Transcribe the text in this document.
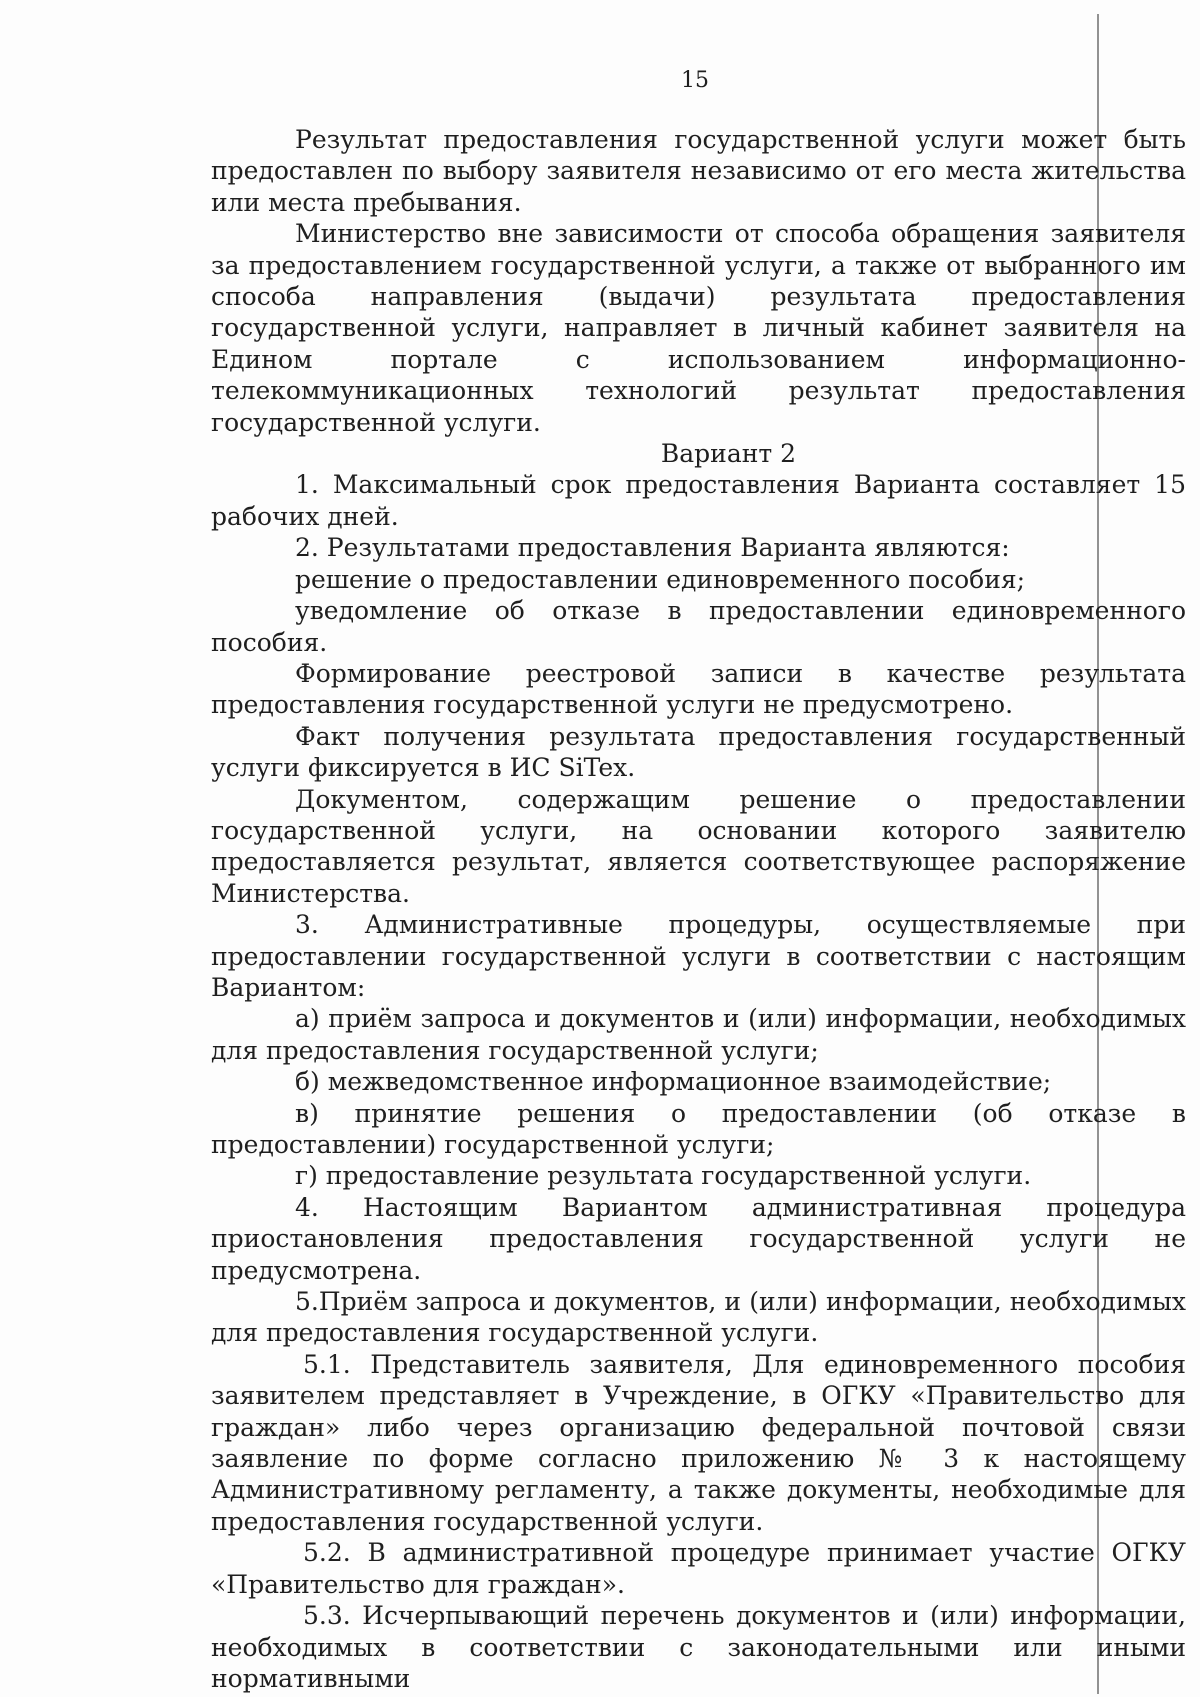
15

Результат предоставления государственной услуги может быть предоставлен по выбору заявителя независимо от его места жительства или места пребывания.

Министерство вне зависимости от способа обращения заявителя за предоставлением государственной услуги, а также от выбранного им способа направления (выдачи) результата предоставления государственной услуги, направляет в личный кабинет заявителя на Едином портале с использованием информационно-телекоммуникационных технологий результат предоставления государственной услуги.

Вариант 2

1. Максимальный срок предоставления Варианта составляет 15 рабочих дней.

2. Результатами предоставления Варианта являются:

решение о предоставлении единовременного пособия;

уведомление об отказе в предоставлении единовременного пособия.

Формирование реестровой записи в качестве результата предоставления государственной услуги не предусмотрено.

Факт получения результата предоставления государственный услуги фиксируется в ИС SiTex.

Документом, содержащим решение о предоставлении государственной услуги, на основании которого заявителю предоставляется результат, является соответствующее распоряжение Министерства.

3. Административные процедуры, осуществляемые при предоставлении государственной услуги в соответствии с настоящим Вариантом:

а) приём запроса и документов и (или) информации, необходимых для предоставления государственной услуги;

б) межведомственное информационное взаимодействие;

в) принятие решения о предоставлении (об отказе в предоставлении) государственной услуги;

г) предоставление результата государственной услуги.

4. Настоящим Вариантом административная процедура приостановления предоставления государственной услуги не предусмотрена.

5.Приём запроса и документов, и (или) информации, необходимых для предоставления государственной услуги.

5.1. Представитель заявителя, Для единовременного пособия заявителем представляет в Учреждение, в ОГКУ «Правительство для граждан» либо через организацию федеральной почтовой связи заявление по форме согласно приложению № 3 к настоящему Административному регламенту, а также документы, необходимые для предоставления государственной услуги.

5.2. В административной процедуре принимает участие ОГКУ «Правительство для граждан».

5.3. Исчерпывающий перечень документов и (или) информации, необходимых в соответствии с законодательными или иными нормативными
